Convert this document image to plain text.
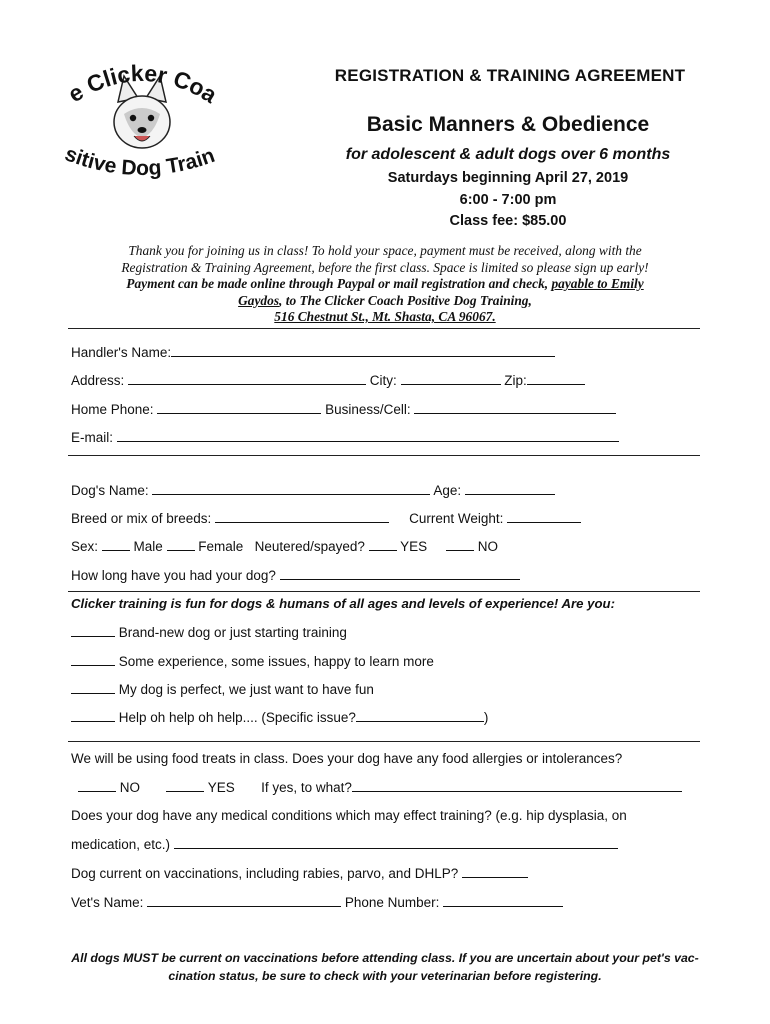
e Clicker Coa
sitive Dog Train
REGISTRATION & TRAINING AGREEMENT
Basic Manners & Obedience
for adolescent & adult dogs over 6 months
Saturdays beginning April 27, 2019
6:00 - 7:00 pm
Class fee: $85.00
Thank you for joining us in class! To hold your space, payment must be received, along with the
Registration & Training Agreement, before the first class. Space is limited so please sign up early!
Payment can be made online through Paypal or mail registration and check, payable to Emily
Gaydos, to The Clicker Coach Positive Dog Training,
516 Chestnut St., Mt. Shasta, CA 96067.
Handler's Name:
Address:	City:	Zip:
Home Phone:	Business/Cell:
E-mail:
Dog's Name:	Age:
Breed or mix of breeds:	Current Weight:
Sex:  Male  Female Neutered/spayed?  YES	NO
How long have you had your dog?
Clicker training is fun for dogs & humans of all ages and levels of experience! Are you:
Brand-new dog or just starting training
Some experience, some issues, happy to learn more
My dog is perfect, we just want to have fun
Help oh help oh help.... (Specific issue?	)
We will be using food treats in class. Does your dog have any food allergies or intolerances?
NO	YES If yes, to what?
Does your dog have any medical conditions which may effect training? (e.g. hip dysplasia, on
medication, etc.)
Dog current on vaccinations, including rabies, parvo, and DHLP?
Vet's Name:	Phone Number:
All dogs MUST be current on vaccinations before attending class. If you are uncertain about your pet's vac-
cination status, be sure to check with your veterinarian before registering.
